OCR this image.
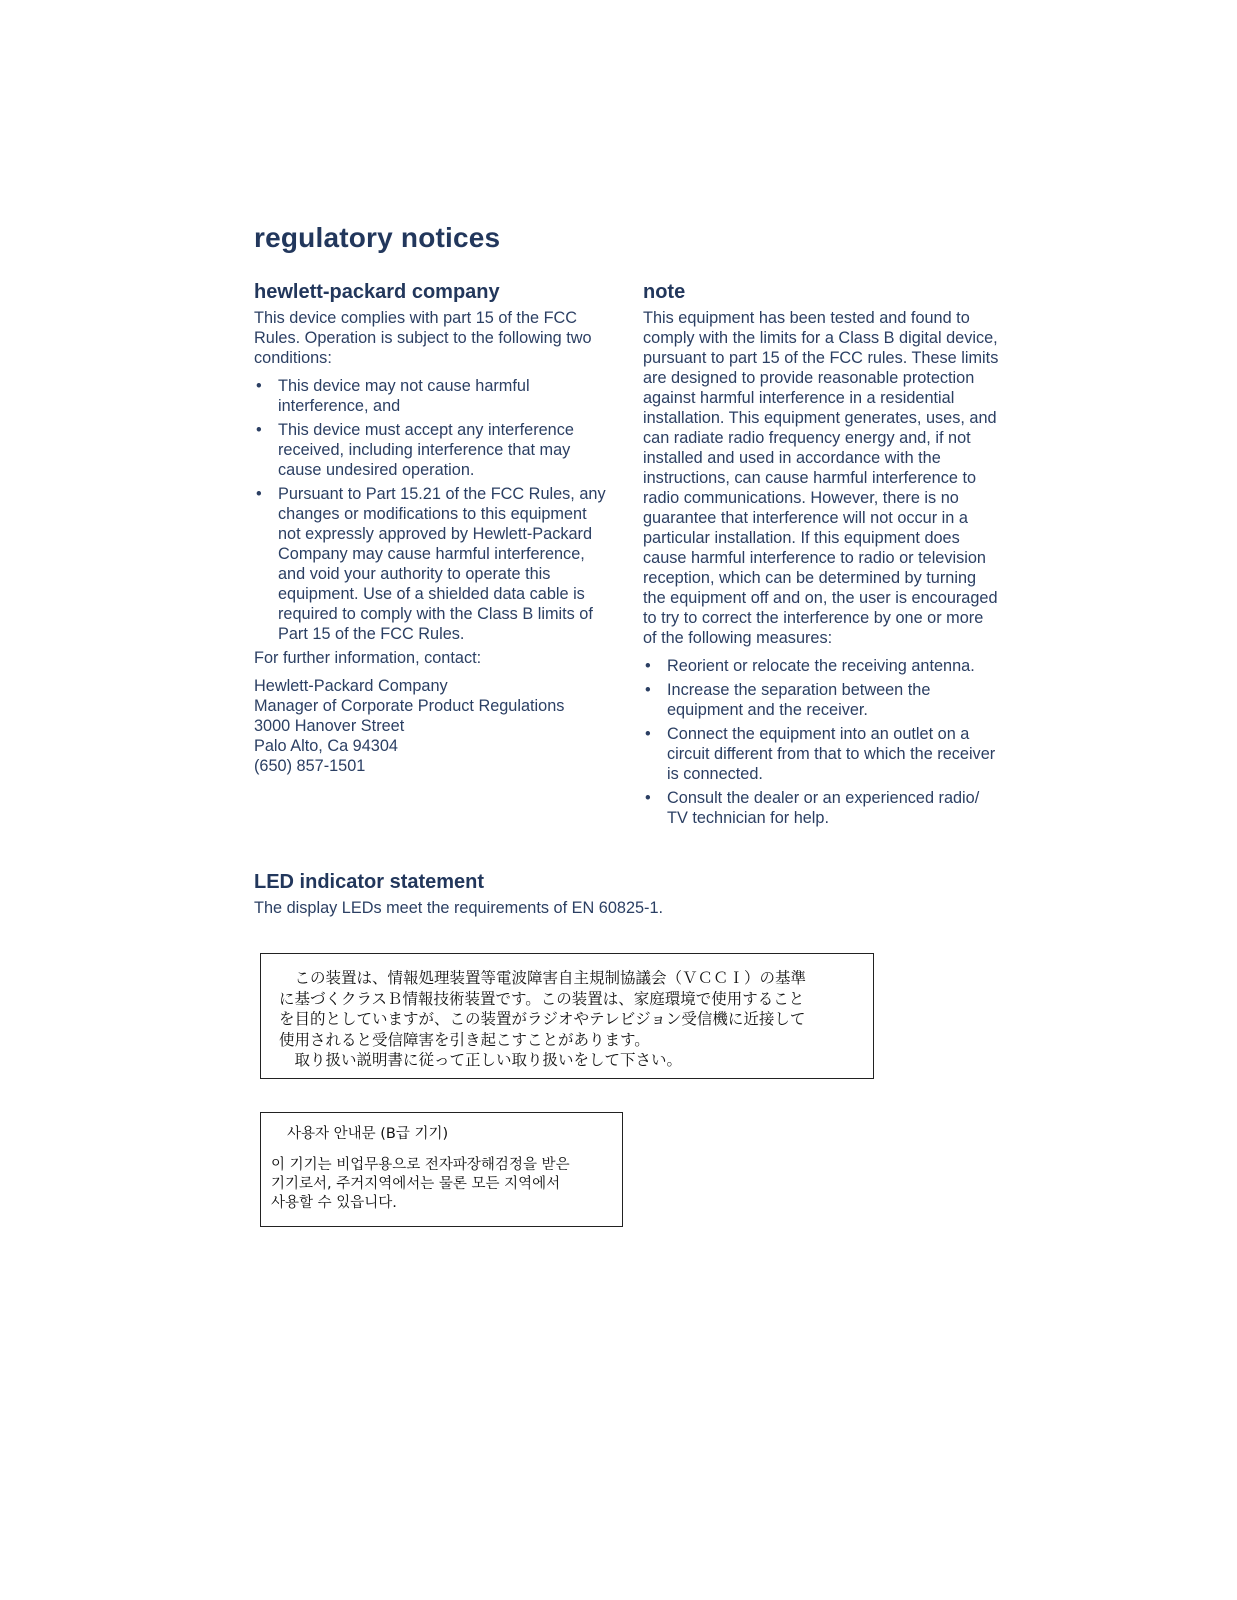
regulatory notices
hewlett-packard company

This device complies with part 15 of the FCC Rules. Operation is subject to the following two conditions:

• This device may not cause harmful interference, and
• This device must accept any interference received, including interference that may cause undesired operation.
• Pursuant to Part 15.21 of the FCC Rules, any changes or modifications to this equipment not expressly approved by Hewlett-Packard Company may cause harmful interference, and void your authority to operate this equipment. Use of a shielded data cable is required to comply with the Class B limits of Part 15 of the FCC Rules.

For further information, contact:

Hewlett-Packard Company
Manager of Corporate Product Regulations
3000 Hanover Street
Palo Alto, Ca 94304
(650) 857-1501
note

This equipment has been tested and found to comply with the limits for a Class B digital device, pursuant to part 15 of the FCC rules. These limits are designed to provide reasonable protection against harmful interference in a residential installation. This equipment generates, uses, and can radiate radio frequency energy and, if not installed and used in accordance with the instructions, can cause harmful interference to radio communications. However, there is no guarantee that interference will not occur in a particular installation. If this equipment does cause harmful interference to radio or television reception, which can be determined by turning the equipment off and on, the user is encouraged to try to correct the interference by one or more of the following measures:

• Reorient or relocate the receiving antenna.
• Increase the separation between the equipment and the receiver.
• Connect the equipment into an outlet on a circuit different from that to which the receiver is connected.
• Consult the dealer or an experienced radio/ TV technician for help.
LED indicator statement

The display LEDs meet the requirements of EN 60825-1.

　この装置は、情報処理装置等電波障害自主規制協議会（ＶＣＣＩ）の基準

に基づくクラスＢ情報技術装置です。この装置は、家庭環境で使用すること

を目的としていますが、この装置がラジオやテレビジョン受信機に近接して

使用されると受信障害を引き起こすことがあります。

　取り扱い説明書に従って正しい取り扱いをして下さい。

사용자 안내문 (B급 기기)

이 기기는 비업무용으로 전자파장해검정을 받은

기기로서, 주거지역에서는 물론 모든 지역에서

사용할 수 있읍니다.
